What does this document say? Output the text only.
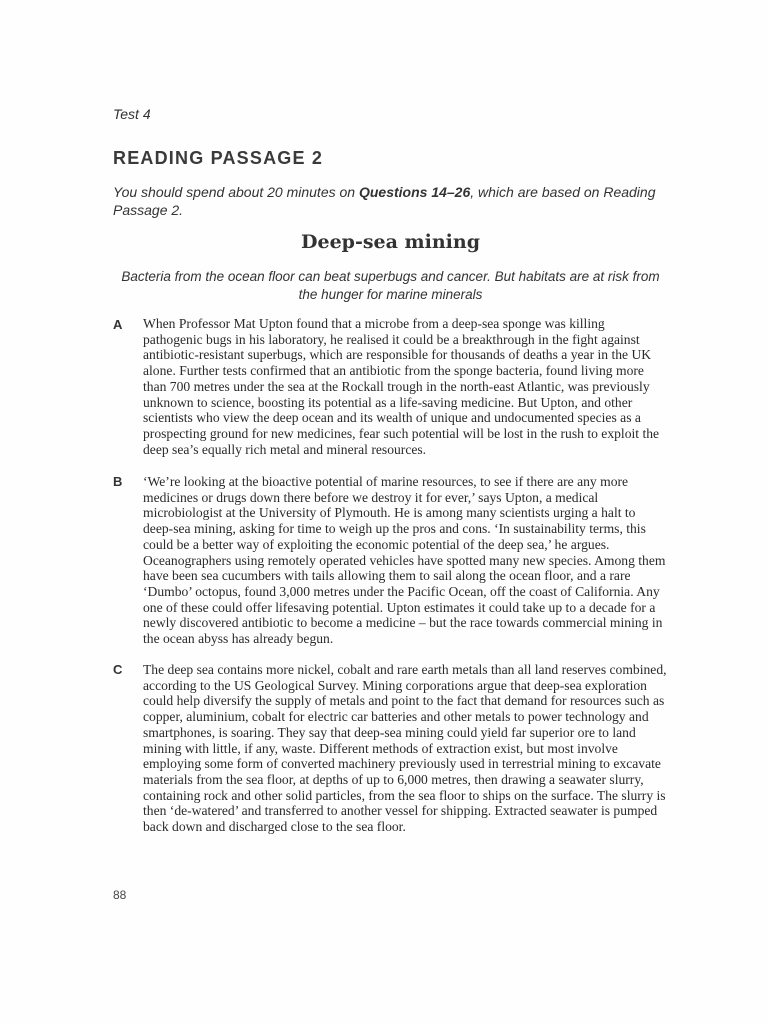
Test 4
READING PASSAGE 2
You should spend about 20 minutes on Questions 14–26, which are based on Reading Passage 2.
Deep-sea mining
Bacteria from the ocean floor can beat superbugs and cancer. But habitats are at risk from the hunger for marine minerals
A When Professor Mat Upton found that a microbe from a deep-sea sponge was killing pathogenic bugs in his laboratory, he realised it could be a breakthrough in the fight against antibiotic-resistant superbugs, which are responsible for thousands of deaths a year in the UK alone. Further tests confirmed that an antibiotic from the sponge bacteria, found living more than 700 metres under the sea at the Rockall trough in the north-east Atlantic, was previously unknown to science, boosting its potential as a life-saving medicine. But Upton, and other scientists who view the deep ocean and its wealth of unique and undocumented species as a prospecting ground for new medicines, fear such potential will be lost in the rush to exploit the deep sea’s equally rich metal and mineral resources.
B ‘We’re looking at the bioactive potential of marine resources, to see if there are any more medicines or drugs down there before we destroy it for ever,’ says Upton, a medical microbiologist at the University of Plymouth. He is among many scientists urging a halt to deep-sea mining, asking for time to weigh up the pros and cons. ‘In sustainability terms, this could be a better way of exploiting the economic potential of the deep sea,’ he argues. Oceanographers using remotely operated vehicles have spotted many new species. Among them have been sea cucumbers with tails allowing them to sail along the ocean floor, and a rare ‘Dumbo’ octopus, found 3,000 metres under the Pacific Ocean, off the coast of California. Any one of these could offer lifesaving potential. Upton estimates it could take up to a decade for a newly discovered antibiotic to become a medicine – but the race towards commercial mining in the ocean abyss has already begun.
C The deep sea contains more nickel, cobalt and rare earth metals than all land reserves combined, according to the US Geological Survey. Mining corporations argue that deep-sea exploration could help diversify the supply of metals and point to the fact that demand for resources such as copper, aluminium, cobalt for electric car batteries and other metals to power technology and smartphones, is soaring. They say that deep-sea mining could yield far superior ore to land mining with little, if any, waste. Different methods of extraction exist, but most involve employing some form of converted machinery previously used in terrestrial mining to excavate materials from the sea floor, at depths of up to 6,000 metres, then drawing a seawater slurry, containing rock and other solid particles, from the sea floor to ships on the surface. The slurry is then ‘de-watered’ and transferred to another vessel for shipping. Extracted seawater is pumped back down and discharged close to the sea floor.
88
